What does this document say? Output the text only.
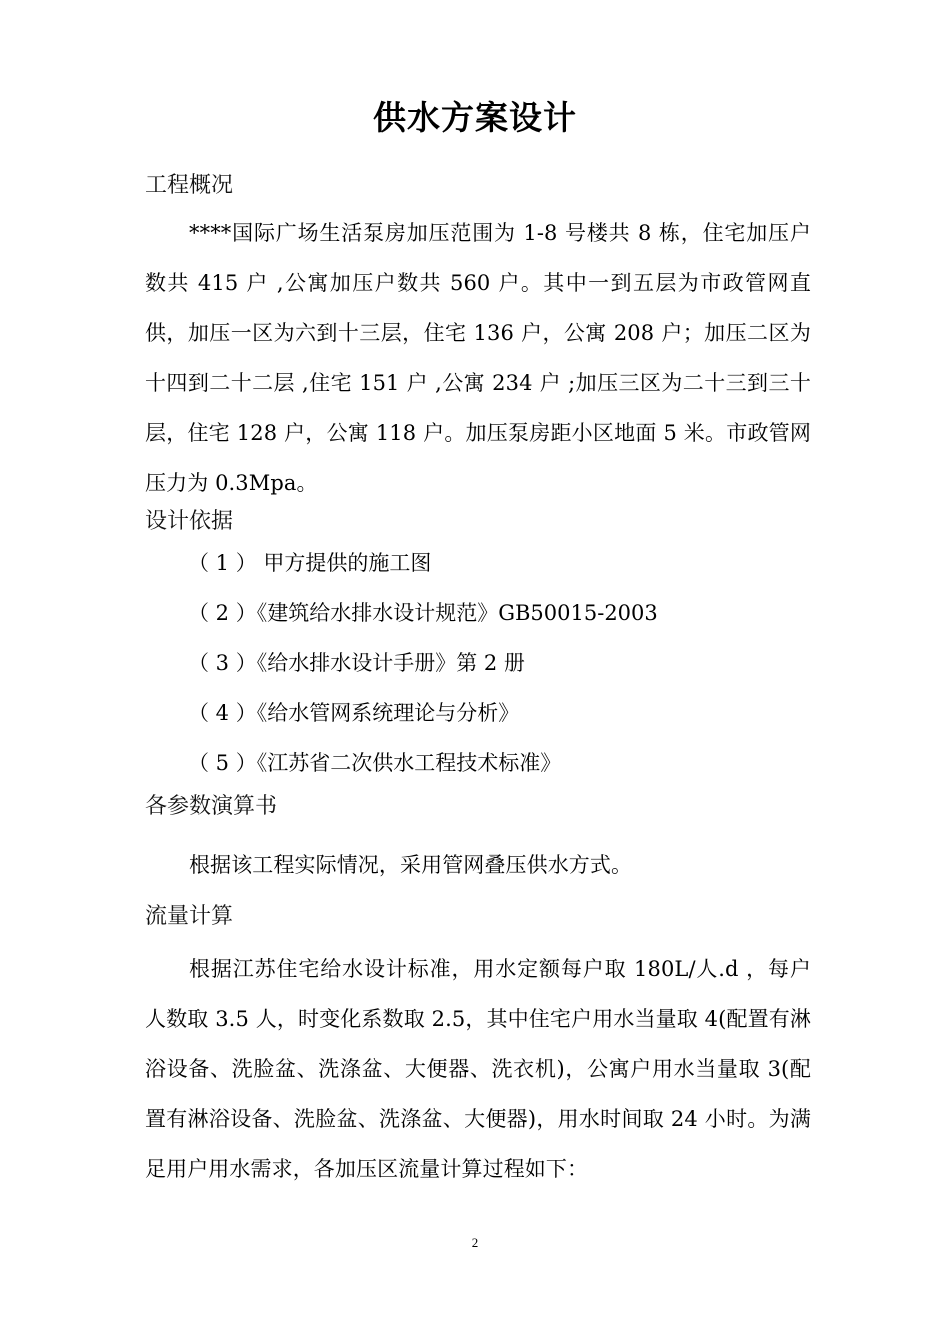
供水方案设计
工程概况
****国际广场生活泵房加压范围为 1-8 号楼共 8 栋，住宅加压户数共 415 户 ,公寓加压户数共 560 户。其中一到五层为市政管网直供，加压一区为六到十三层，住宅 136 户，公寓 208 户；加压二区为十四到二十二层 ,住宅 151 户 ,公寓 234 户 ;加压三区为二十三到三十层，住宅 128 户，公寓 118 户。加压泵房距小区地面 5 米。市政管网压力为 0.3Mpa。
设计依据
（ 1 ） 甲方提供的施工图
（ 2 ）《建筑给水排水设计规范》GB50015-2003
（ 3 ）《给水排水设计手册》第 2 册
（ 4 ）《给水管网系统理论与分析》
（ 5 ）《江苏省二次供水工程技术标准》
各参数演算书
根据该工程实际情况，采用管网叠压供水方式。
流量计算
根据江苏住宅给水设计标准，用水定额每户取 180L/人.d ，每户人数取 3.5 人，时变化系数取 2.5，其中住宅户用水当量取 4(配置有淋浴设备、洗脸盆、洗涤盆、大便器、洗衣机)，公寓户用水当量取 3(配置有淋浴设备、洗脸盆、洗涤盆、大便器)，用水时间取 24 小时。为满足用户用水需求，各加压区流量计算过程如下：
2
